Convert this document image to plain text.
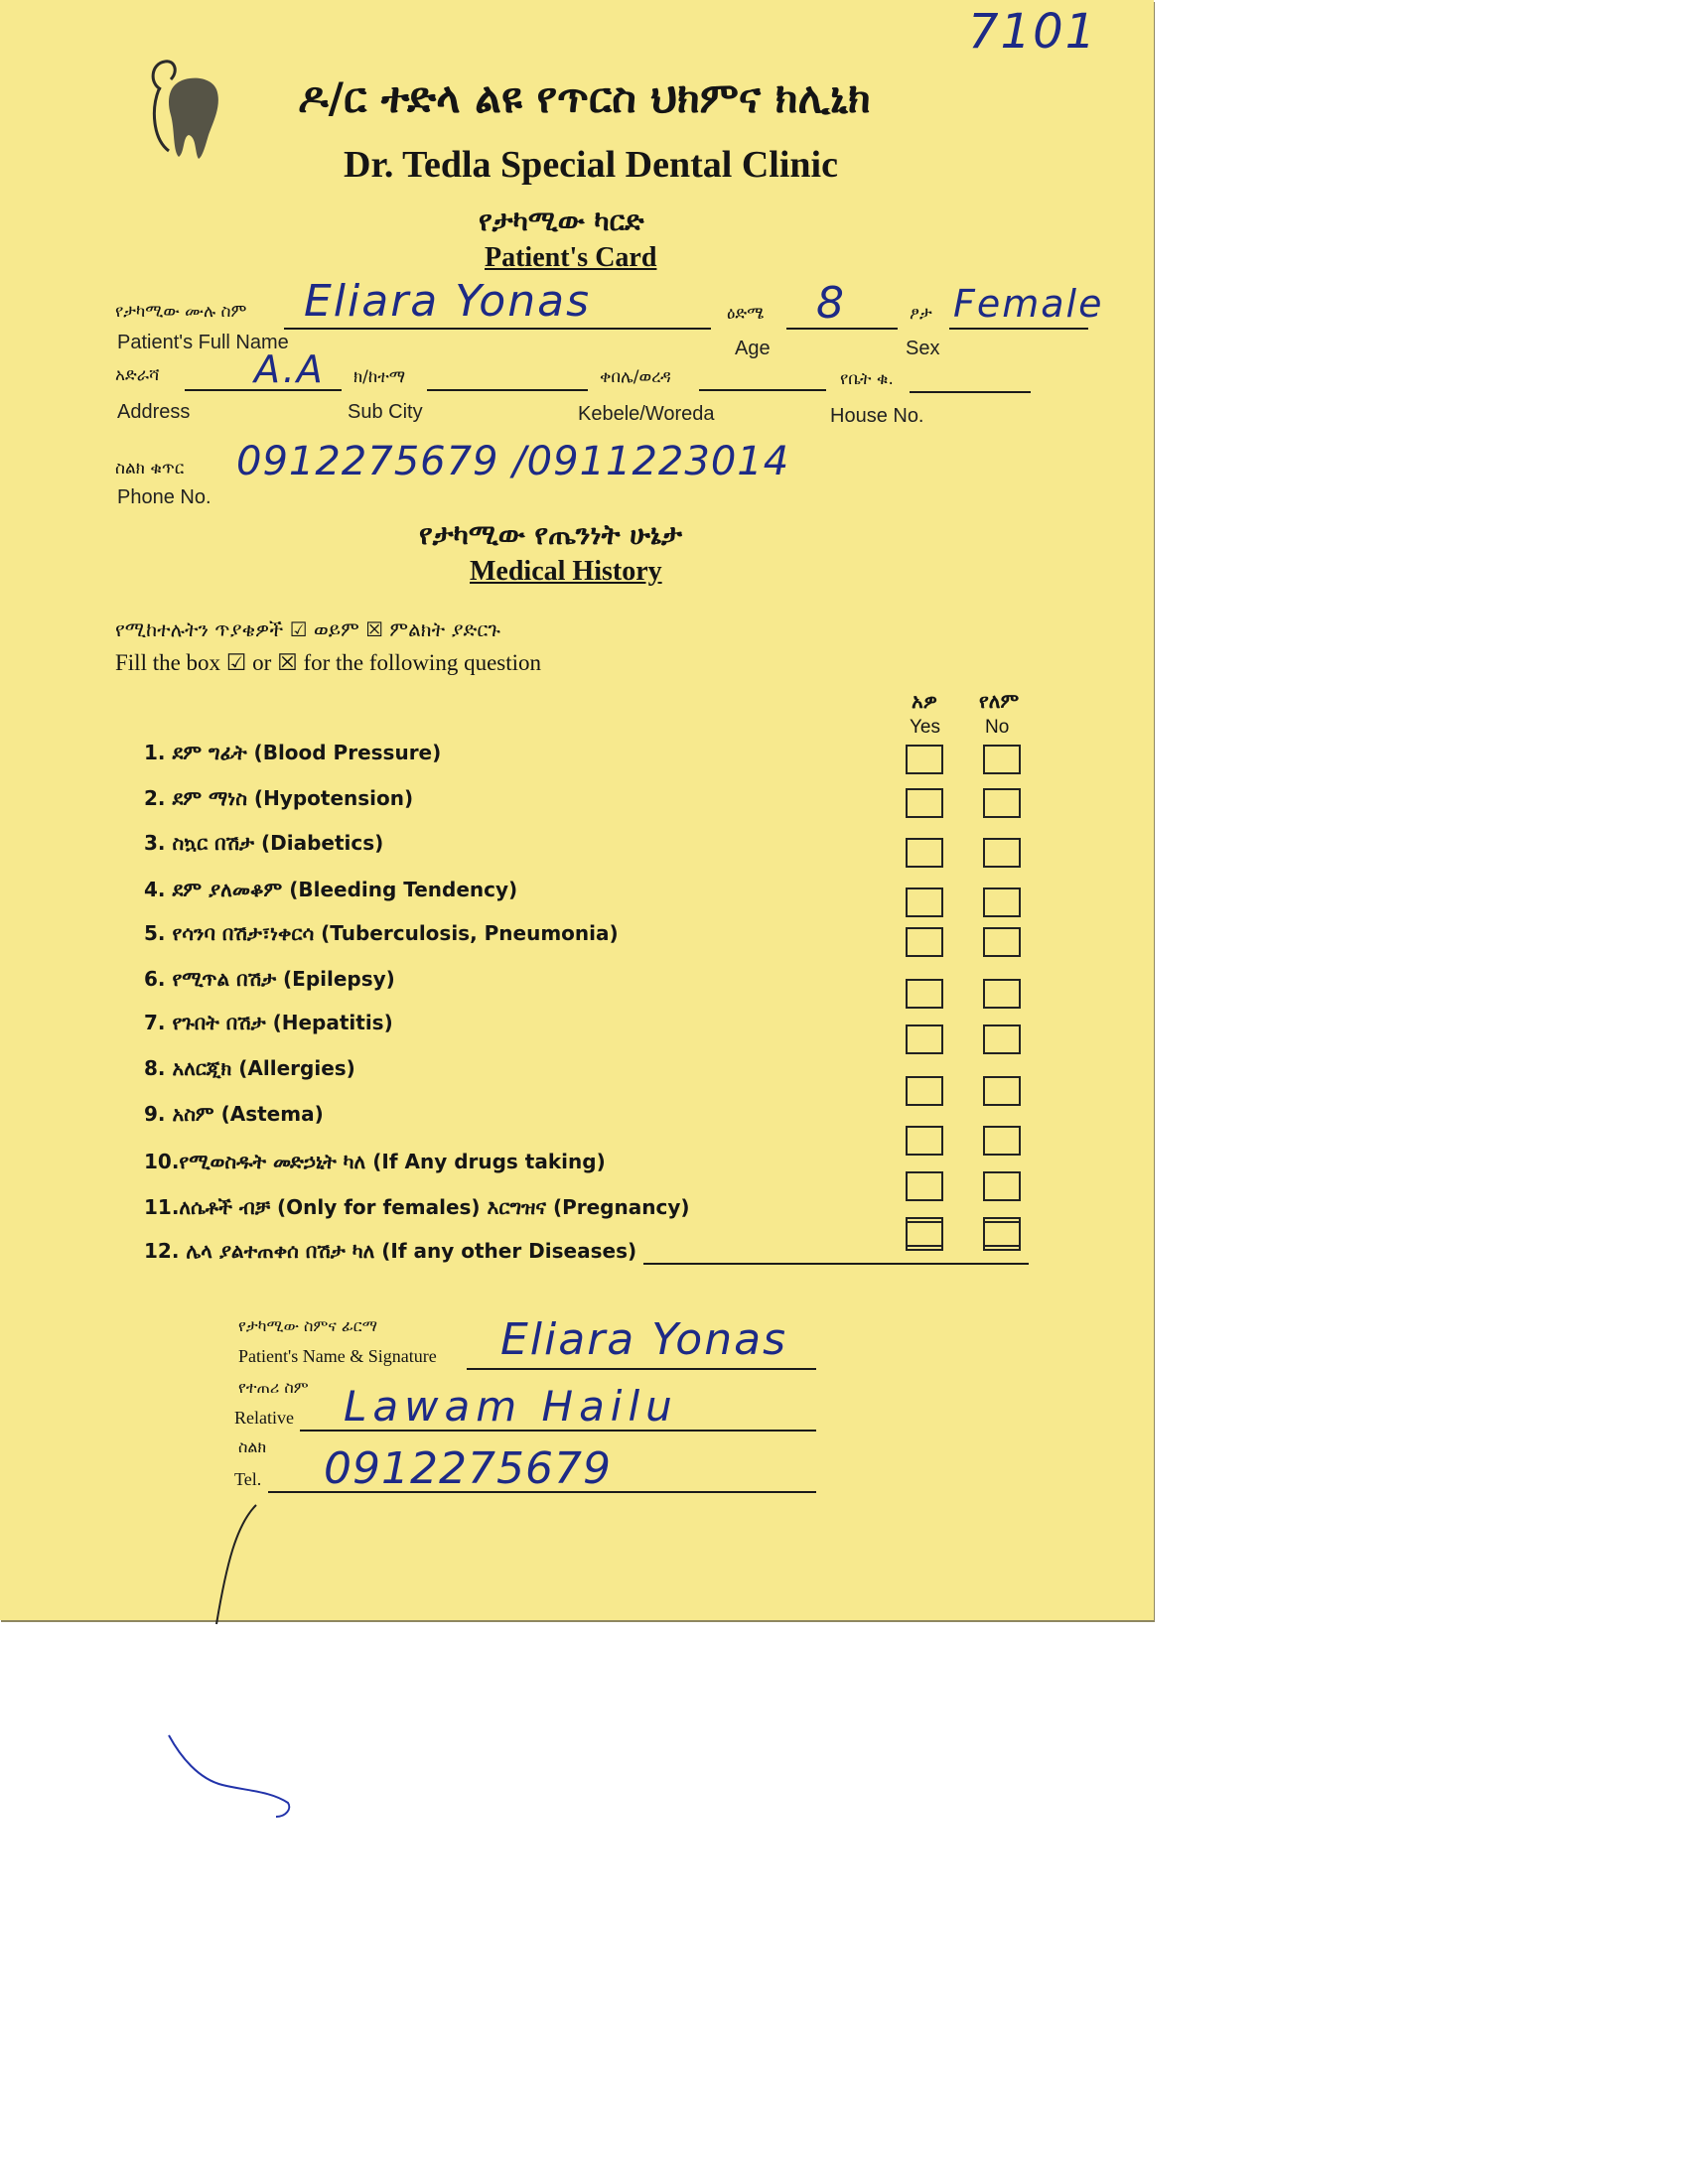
7101
ዶ/ር ተድላ ልዩ የጥርስ ህክምና ክሊኒክ
Dr. Tedla Special Dental Clinic
የታካሚው ካርድ
Patient's Card
የታካሚው ሙሉ ስም Eliara Yonas
Patient's Full Name
ዕድሜ 8
Age
ፆታ Female
Sex
አድራሻ	A.A
Address
ክ/ከተማ
Sub City
ቀበሌ/ወረዳ
Kebele/Woreda
የቤት ቁ.
House No.
ስልክ ቁጥር 0912275679 /0911223014
Phone No.
የታካሚው የጤንነት ሁኔታ
Medical History
የሚከተሉትን ጥያቄዎች ☑ ወይም ☒ ምልክት ያድርጉ
Fill the box ☑ or ☒ for the following question
አዎ
Yes
የለም
No
1. ደም ግፊት (Blood Pressure)
2. ደም ማነስ (Hypotension)
3. ስኳር በሽታ (Diabetics)
4. ደም ያለመቆም (Bleeding Tendency)
5. የሳንባ በሽታ፣ነቀርሳ (Tuberculosis, Pneumonia)
6. የሚጥል በሽታ (Epilepsy)
7. የጉበት በሽታ (Hepatitis)
8. አለርጂክ (Allergies)
9. አስም (Astema)
10.የሚወስዱት መድኃኒት ካለ (If Any drugs taking)
11.ለሴቶች ብቻ (Only for females) እርግዝና (Pregnancy)
12. ሌላ ያልተጠቀሰ በሽታ ካለ (If any other Diseases)
የታካሚው ስምና ፊርማ
Patient's Name & Signature Eliara Yonas
የተጠሪ ስም
Relative Lawam Hailu
ስልክ
Tel. 0912275679
